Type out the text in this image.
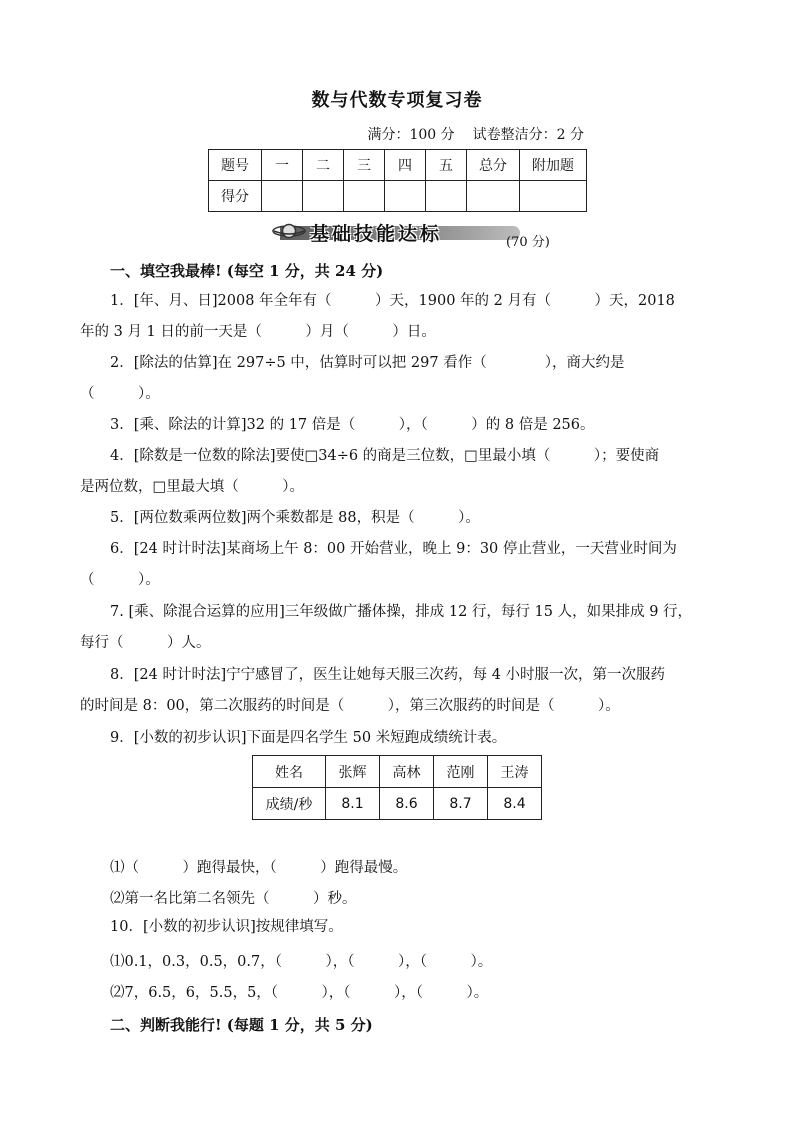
数与代数专项复习卷
满分：100 分 试卷整洁分：2 分
题号	一	二	三	四	五	总分	附加题
得分							
基础技能达标	(70 分)
一、填空我最棒! (每空 1 分，共 24 分)
1．[年、月、日]2008 年全年有（　　　）天，1900 年的 2 月有（　　　）天，2018
年的 3 月 1 日的前一天是（　　　）月（　　　）日。
2．[除法的估算]在 297÷5 中，估算时可以把 297 看作（　　　　），商大约是
（　　　）。
3．[乘、除法的计算]32 的 17 倍是（　　　），（　　　）的 8 倍是 256。
4．[除数是一位数的除法]要使□34÷6 的商是三位数，□里最小填（　　　）；要使商
是两位数，□里最大填（　　　）。
5．[两位数乘两位数]两个乘数都是 88，积是（　　　）。
6．[24 时计时法]某商场上午 8：00 开始营业，晚上 9：30 停止营业，一天营业时间为
（　　　）。
7. [乘、除混合运算的应用]三年级做广播体操，排成 12 行，每行 15 人，如果排成 9 行，
每行（　　　）人。
8．[24 时计时法]宁宁感冒了，医生让她每天服三次药，每 4 小时服一次，第一次服药
的时间是 8：00，第二次服药的时间是（　　　），第三次服药的时间是（　　　）。
9．[小数的初步认识]下面是四名学生 50 米短跑成绩统计表。
姓名	张辉	高林	范刚	王涛
成绩/秒	8.1	8.6	8.7	8.4
⑴（　　　）跑得最快，（　　　）跑得最慢。
⑵第一名比第二名领先（　　　）秒。
10．[小数的初步认识]按规律填写。
⑴0.1，0.3，0.5，0.7，（　　　），（　　　），（　　　）。
⑵7，6.5，6，5.5，5，（　　　），（　　　），（　　　）。
二、判断我能行! (每题 1 分，共 5 分)
